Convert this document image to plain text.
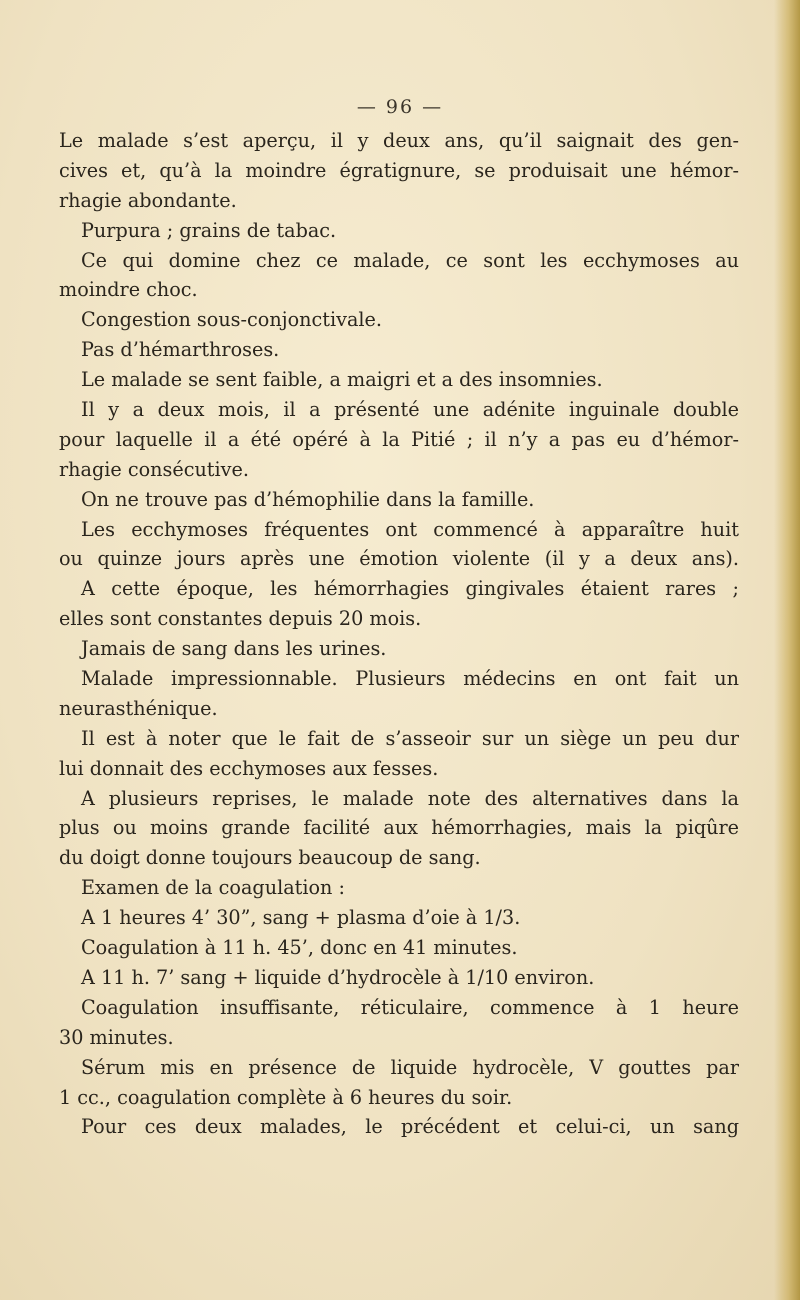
— 96 —
Le malade s’est aperçu, il y deux ans, qu’il saignait des gen-
cives et, qu’à la moindre égratignure, se produisait une hémor-
rhagie abondante.
Purpura ; grains de tabac.
Ce qui domine chez ce malade, ce sont les ecchymoses au
moindre choc.
Congestion sous-conjonctivale.
Pas d’hémarthroses.
Le malade se sent faible, a maigri et a des insomnies.
Il y a deux mois, il a présenté une adénite inguinale double
pour laquelle il a été opéré à la Pitié ; il n’y a pas eu d’hémor-
rhagie consécutive.
On ne trouve pas d’hémophilie dans la famille.
Les ecchymoses fréquentes ont commencé à apparaître huit
ou quinze jours après une émotion violente (il y a deux ans).
A cette époque, les hémorrhagies gingivales étaient rares ;
elles sont constantes depuis 20 mois.
Jamais de sang dans les urines.
Malade impressionnable. Plusieurs médecins en ont fait un
neurasthénique.
Il est à noter que le fait de s’asseoir sur un siège un peu dur
lui donnait des ecchymoses aux fesses.
A plusieurs reprises, le malade note des alternatives dans la
plus ou moins grande facilité aux hémorrhagies, mais la piqûre
du doigt donne toujours beaucoup de sang.
Examen de la coagulation :
A 1 heures 4’ 30”, sang + plasma d’oie à 1/3.
Coagulation à 11 h. 45’, donc en 41 minutes.
A 11 h. 7’ sang + liquide d’hydrocèle à 1/10 environ.
Coagulation insuffisante, réticulaire, commence à 1 heure
30 minutes.
Sérum mis en présence de liquide hydrocèle, V gouttes par
1 cc., coagulation complète à 6 heures du soir.
Pour ces deux malades, le précédent et celui-ci, un sang
